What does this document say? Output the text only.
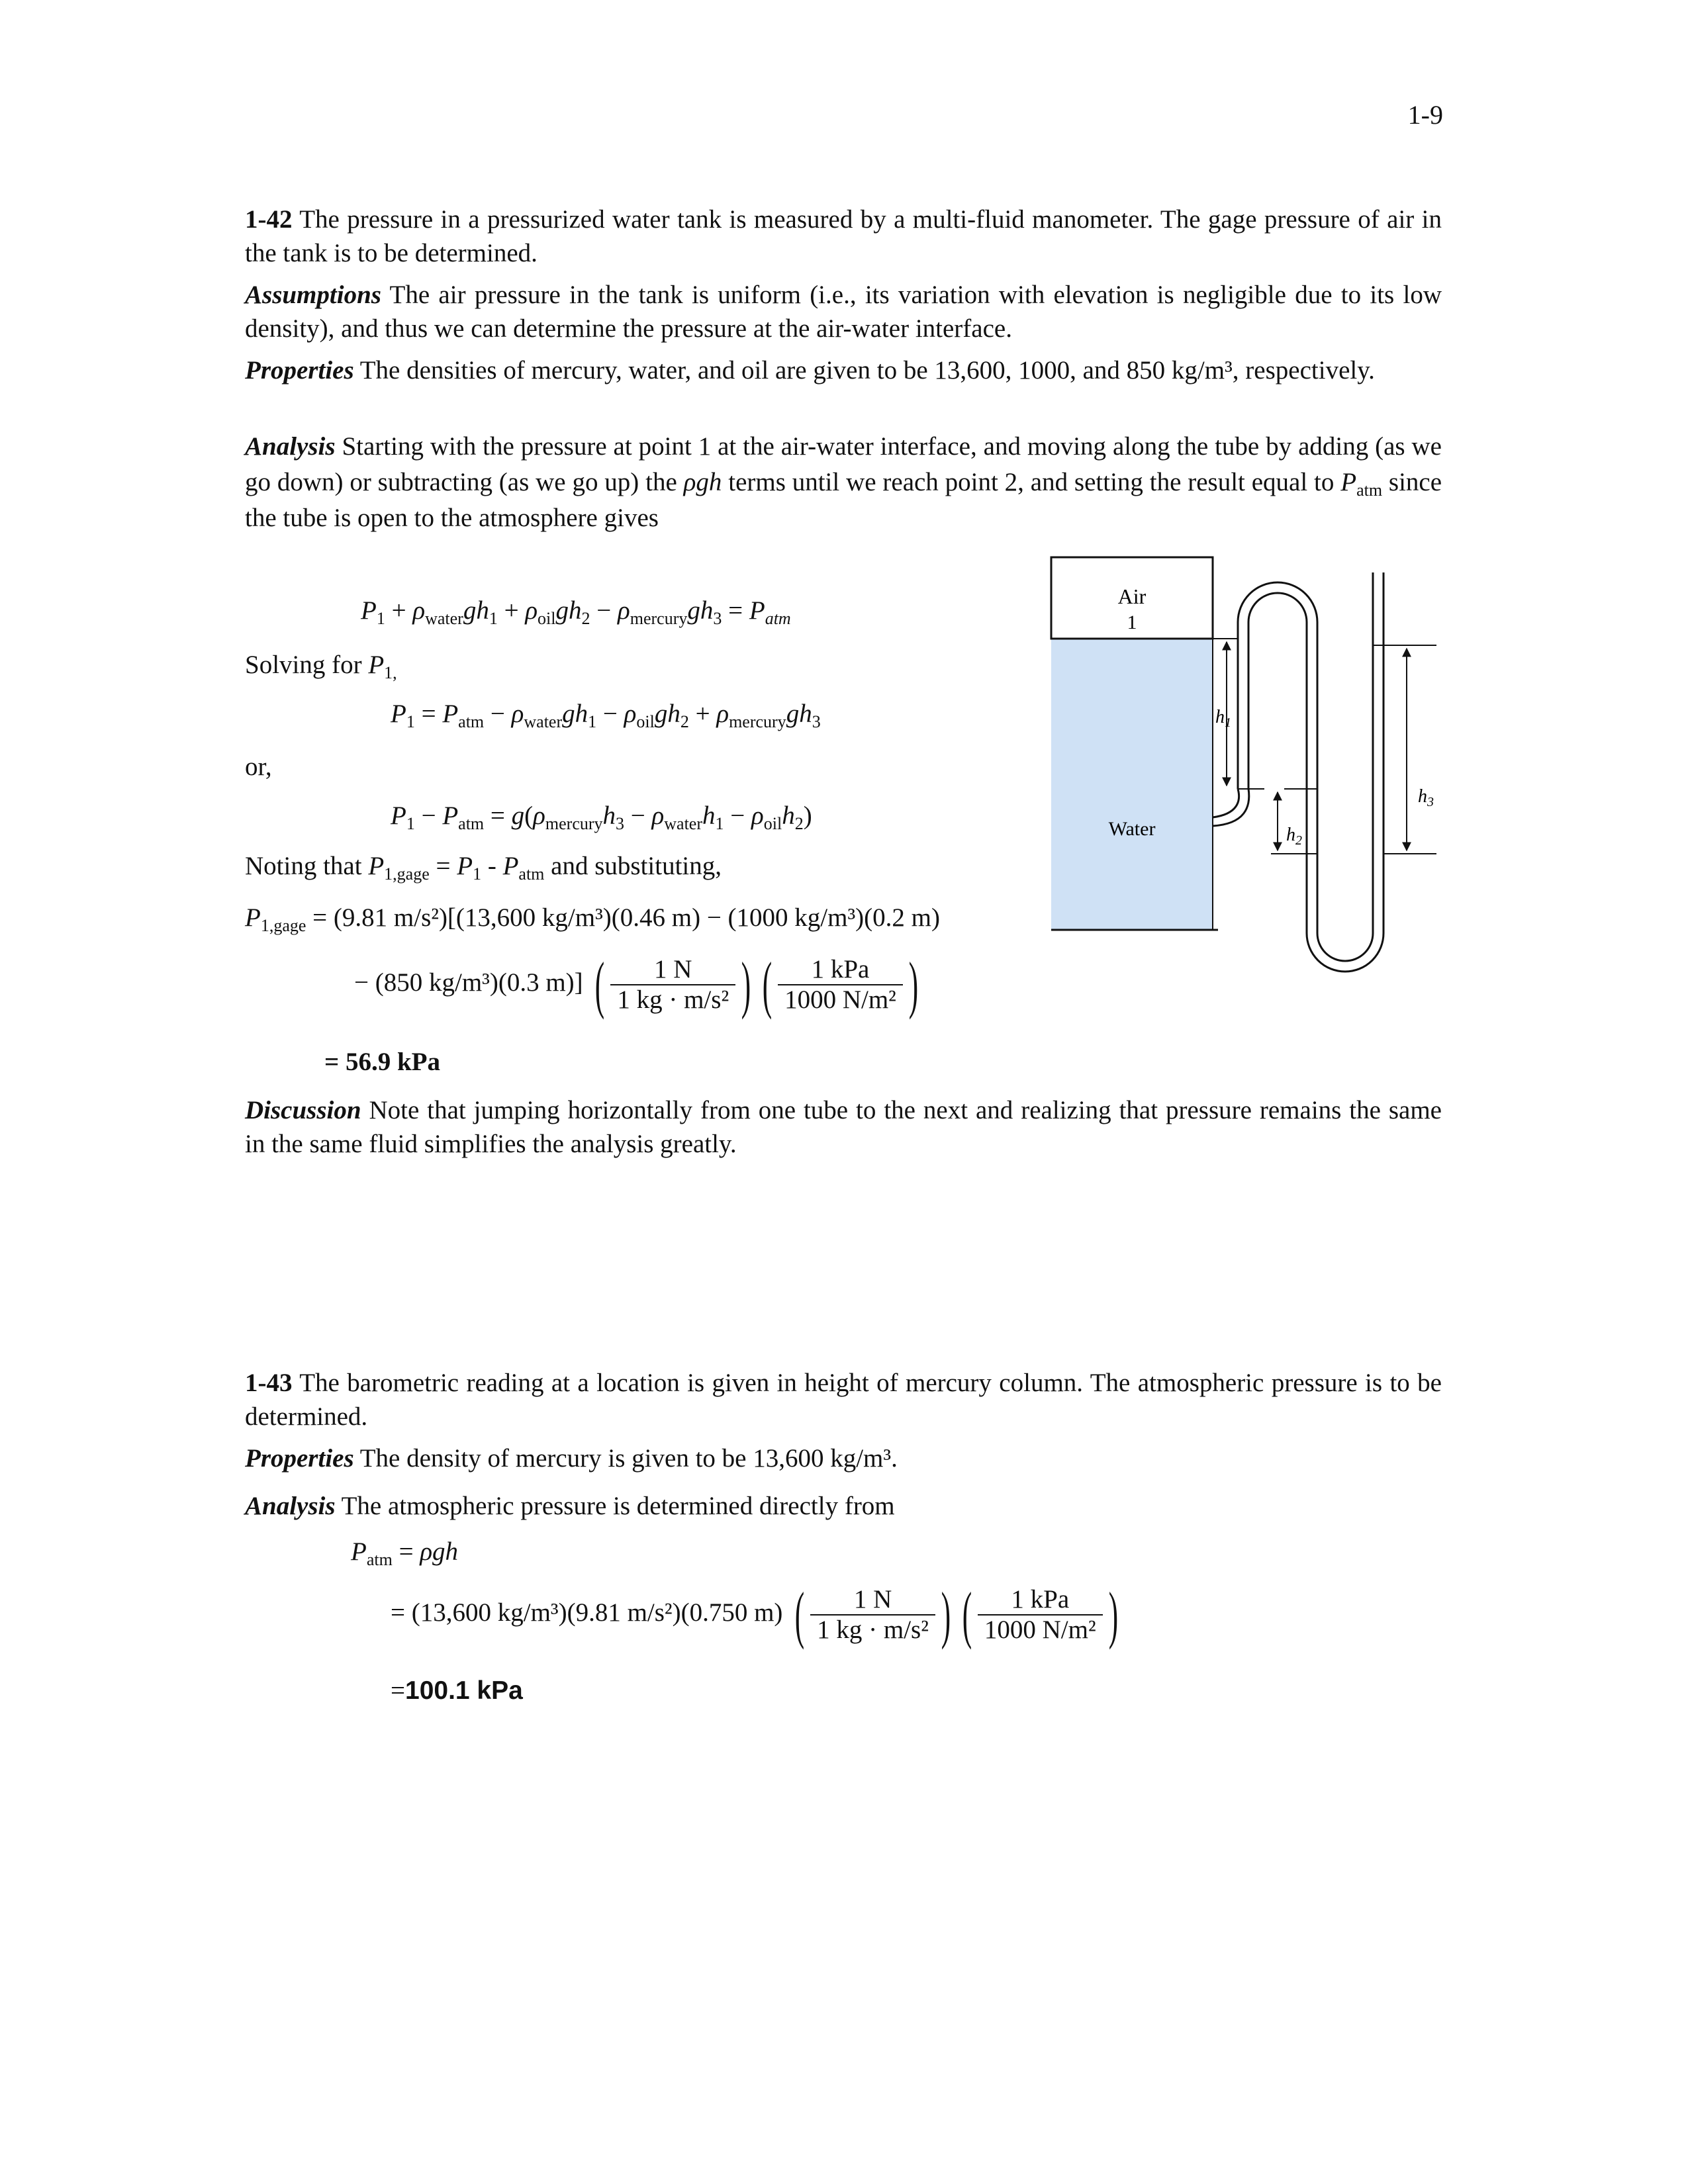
1-9
1-42 The pressure in a pressurized water tank is measured by a multi-fluid manometer. The gage pressure of air in the tank is to be determined.
Assumptions The air pressure in the tank is uniform (i.e., its variation with elevation is negligible due to its low density), and thus we can determine the pressure at the air-water interface.
Properties The densities of mercury, water, and oil are given to be 13,600, 1000, and 850 kg/m³, respectively.
Analysis Starting with the pressure at point 1 at the air-water interface, and moving along the tube by adding (as we go down) or subtracting (as we go up) the ρgh terms until we reach point 2, and setting the result equal to $P_{atm}$ since the tube is open to the atmosphere gives
$P_1 + \rho_{water}gh_1 + \rho_{oil}gh_2 - \rho_{mercury}gh_3 = P_{atm}$
Solving for $P_{1,}$
$P_1 = P_{atm} - \rho_{water}gh_1 - \rho_{oil}gh_2 + \rho_{mercury}gh_3$
or,
$P_1 - P_{atm} = g(\rho_{mercury}h_3 - \rho_{water}h_1 - \rho_{oil}h_2)$
Noting that $P_{1,gage} = P_1 - P_{atm}$ and substituting,
$P_{1,gage} = (9.81$ m/s²)[(13,600 kg/m³)(0.46 m) − (1000 kg/m³)(0.2 m)
− (850 kg/m³)(0.3 m)] ( $\frac{1 N}{\text{1 kg · m/s²}}$ ) ( $\frac{\text{1 kPa}}{\text{1000 N/m²}}$ )
= 56.9 kPa
Discussion Note that jumping horizontally from one tube to the next and realizing that pressure remains the same in the same fluid simplifies the analysis greatly.
Air
1
Water
$h_1$
$h_2$
$h_3$
1-43 The barometric reading at a location is given in height of mercury column. The atmospheric pressure is to be determined.
Properties The density of mercury is given to be 13,600 kg/m³.
Analysis The atmospheric pressure is determined directly from
$P_{atm} = \rho gh$
= (13,600 kg/m³)(9.81 m/s²)(0.750 m) ( $\frac{1 N}{\text{1 kg · m/s²}}$ ) ( $\frac{\text{1 kPa}}{\text{1000 N/m²}}$ )
=100.1 kPa
